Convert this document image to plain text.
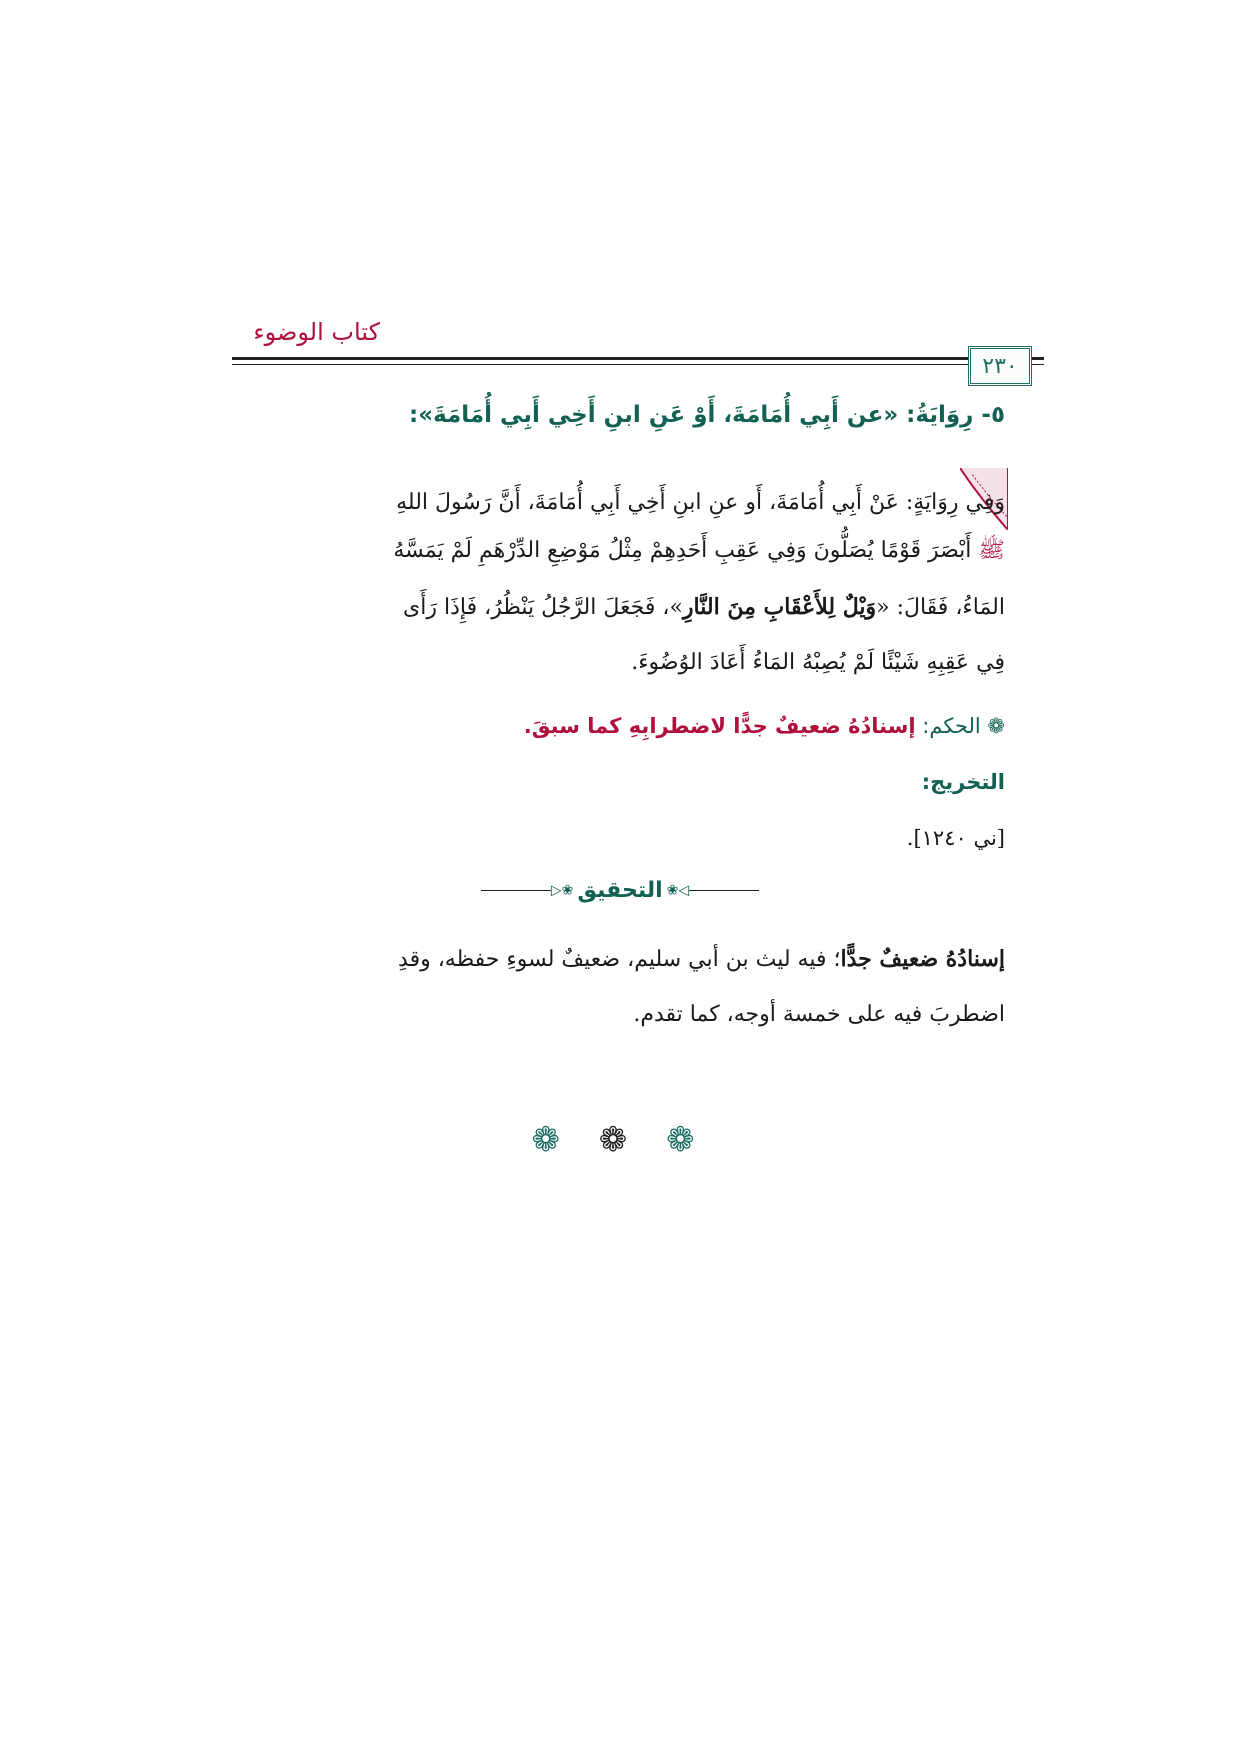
كتاب الوضوء
٢٣٠
٥- رِوَايَةُ: «عن أَبِي أُمَامَةَ، أَوْ عَنِ ابنِ أَخِي أَبِي أُمَامَةَ»:
وَفِي رِوَايَةٍ: عَنْ أَبِي أُمَامَةَ، أَو عنِ ابنِ أَخِي أَبِي أُمَامَةَ، أَنَّ رَسُولَ اللهِ
ﷺ أَبْصَرَ قَوْمًا يُصَلُّونَ وَفِي عَقِبِ أَحَدِهِمْ مِثْلُ مَوْضِعِ الدِّرْهَمِ لَمْ يَمَسَّهُ
المَاءُ، فَقَالَ: «وَيْلٌ لِلأَعْقَابِ مِنَ النَّارِ»، فَجَعَلَ الرَّجُلُ يَنْظُرُ، فَإِذَا رَأَى
فِي عَقِبِهِ شَيْئًا لَمْ يُصِبْهُ المَاءُ أَعَادَ الوُضُوءَ.
❁ الحكم: إسنادُهُ ضعيفٌ جدًّا لاضطرابِهِ كما سبقَ.
التخريج:
[ني ١٢٤٠].
◁❀التحقيق❀▷
إسنادُهُ ضعيفٌ جدًّا؛ فيه ليث بن أبي سليم، ضعيفٌ لسوءِ حفظه، وقدِ
اضطربَ فيه على خمسة أوجه، كما تقدم.
❁ ❁ ❁
